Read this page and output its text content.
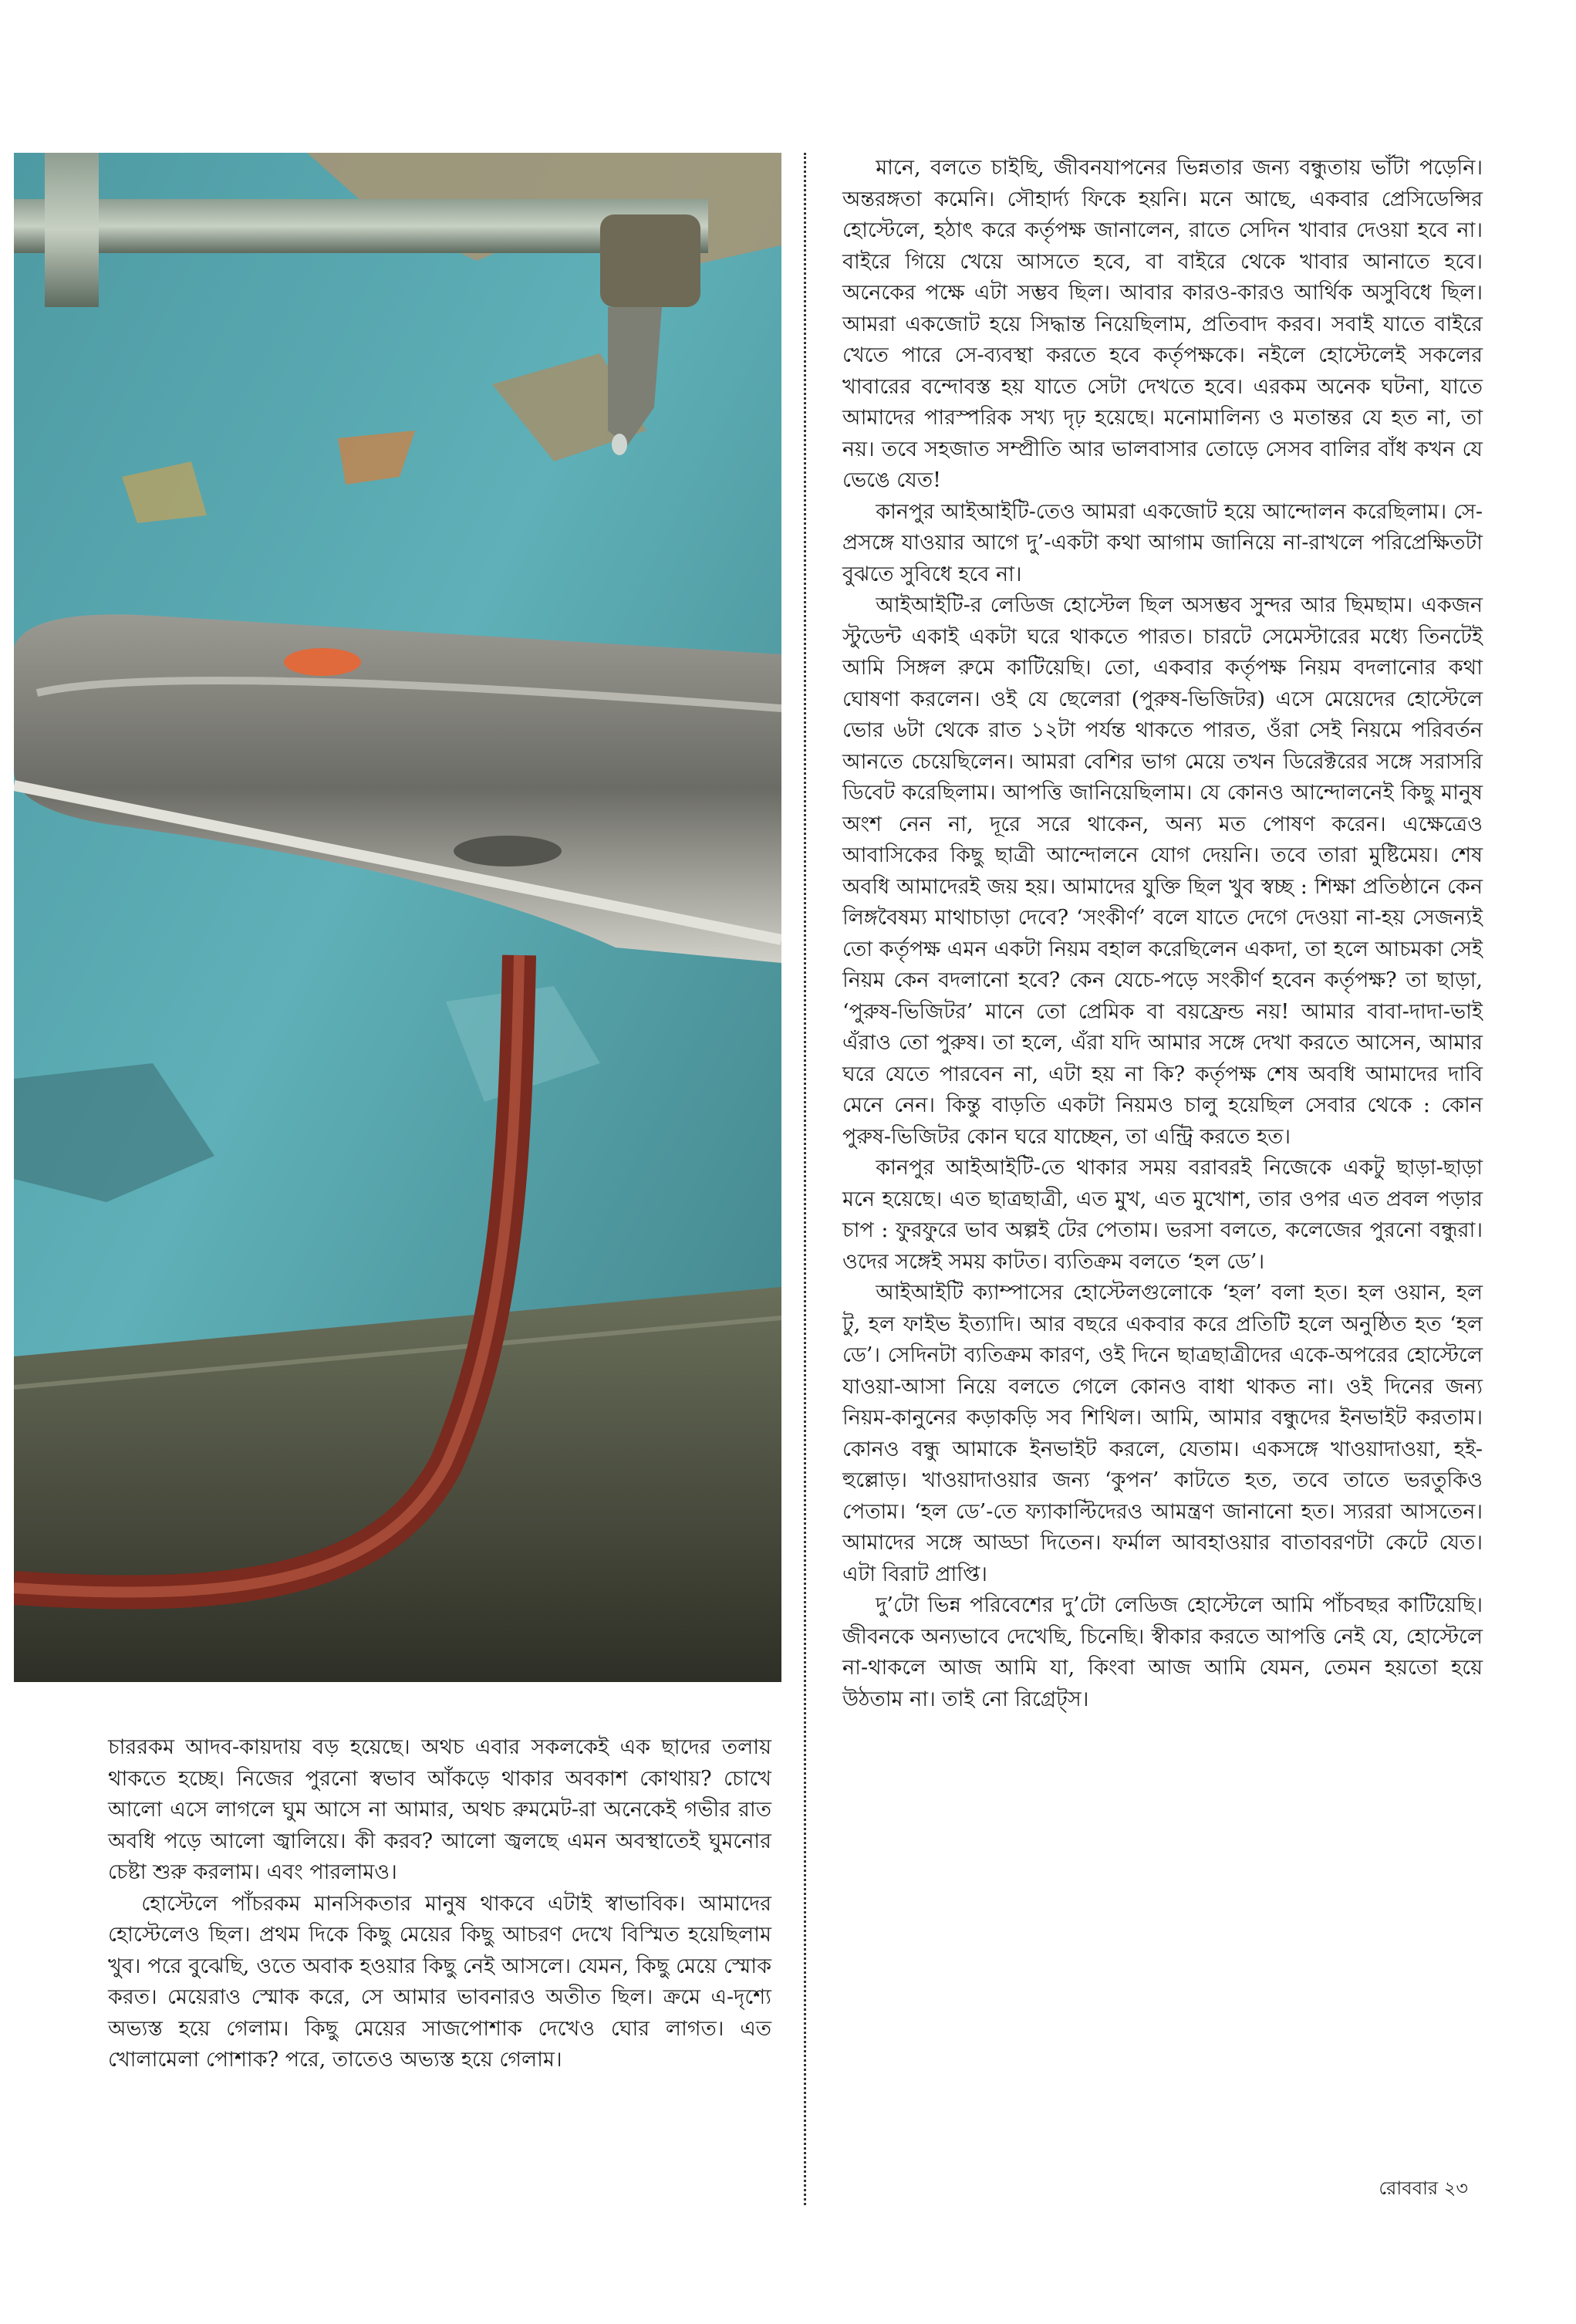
চাররকম আদব-কায়দায় বড় হয়েছে। অথচ এবার সকলকেই এক ছাদের তলায় থাকতে হচ্ছে। নিজের পুরনো স্বভাব আঁকড়ে থাকার অবকাশ কোথায়? চোখে আলো এসে লাগলে ঘুম আসে না আমার, অথচ রুমমেট-রা অনেকেই গভীর রাত অবধি পড়ে আলো জ্বালিয়ে। কী করব? আলো জ্বলছে এমন অবস্থাতেই ঘুমনোর চেষ্টা শুরু করলাম। এবং পারলামও।

হোস্টেলে পাঁচরকম মানসিকতার মানুষ থাকবে এটাই স্বাভাবিক। আমাদের হোস্টেলেও ছিল। প্রথম দিকে কিছু মেয়ের কিছু আচরণ দেখে বিস্মিত হয়েছিলাম খুব। পরে বুঝেছি, ওতে অবাক হওয়ার কিছু নেই আসলে। যেমন, কিছু মেয়ে স্মোক করত। মেয়েরাও স্মোক করে, সে আমার ভাবনারও অতীত ছিল। ক্রমে এ-দৃশ্যে অভ্যস্ত হয়ে গেলাম। কিছু মেয়ের সাজপোশাক দেখেও ঘোর লাগত। এত খোলামেলা পোশাক? পরে, তাতেও অভ্যস্ত হয়ে গেলাম।

মানে, বলতে চাইছি, জীবনযাপনের ভিন্নতার জন্য বন্ধুতায় ভাঁটা পড়েনি। অন্তরঙ্গতা কমেনি। সৌহার্দ্য ফিকে হয়নি। মনে আছে, একবার প্রেসিডেন্সির হোস্টেলে, হঠাৎ করে কর্তৃপক্ষ জানালেন, রাতে সেদিন খাবার দেওয়া হবে না। বাইরে গিয়ে খেয়ে আসতে হবে, বা বাইরে থেকে খাবার আনাতে হবে। অনেকের পক্ষে এটা সম্ভব ছিল। আবার কারও-কারও আর্থিক অসুবিধে ছিল। আমরা একজোট হয়ে সিদ্ধান্ত নিয়েছিলাম, প্রতিবাদ করব। সবাই যাতে বাইরে খেতে পারে সে-ব্যবস্থা করতে হবে কর্তৃপক্ষকে। নইলে হোস্টেলেই সকলের খাবারের বন্দোবস্ত হয় যাতে সেটা দেখতে হবে। এরকম অনেক ঘটনা, যাতে আমাদের পারস্পরিক সখ্য দৃঢ় হয়েছে। মনোমালিন্য ও মতান্তর যে হত না, তা নয়। তবে সহজাত সম্প্রীতি আর ভালবাসার তোড়ে সেসব বালির বাঁধ কখন যে ভেঙে যেত!

কানপুর আইআইটি-তেও আমরা একজোট হয়ে আন্দোলন করেছিলাম। সে-প্রসঙ্গে যাওয়ার আগে দু’-একটা কথা আগাম জানিয়ে না-রাখলে পরিপ্রেক্ষিতটা বুঝতে সুবিধে হবে না।

আইআইটি-র লেডিজ হোস্টেল ছিল অসম্ভব সুন্দর আর ছিমছাম। একজন স্টুডেন্ট একাই একটা ঘরে থাকতে পারত। চারটে সেমেস্টারের মধ্যে তিনটেই আমি সিঙ্গল রুমে কাটিয়েছি। তো, একবার কর্তৃপক্ষ নিয়ম বদলানোর কথা ঘোষণা করলেন। ওই যে ছেলেরা (পুরুষ-ভিজিটর) এসে মেয়েদের হোস্টেলে ভোর ৬টা থেকে রাত ১২টা পর্যন্ত থাকতে পারত, ওঁরা সেই নিয়মে পরিবর্তন আনতে চেয়েছিলেন। আমরা বেশির ভাগ মেয়ে তখন ডিরেক্টরের সঙ্গে সরাসরি ডিবেট করেছিলাম। আপত্তি জানিয়েছিলাম। যে কোনও আন্দোলনেই কিছু মানুষ অংশ নেন না, দূরে সরে থাকেন, অন্য মত পোষণ করেন। এক্ষেত্রেও আবাসিকের কিছু ছাত্রী আন্দোলনে যোগ দেয়নি। তবে তারা মুষ্টিমেয়। শেষ অবধি আমাদেরই জয় হয়। আমাদের যুক্তি ছিল খুব স্বচ্ছ : শিক্ষা প্রতিষ্ঠানে কেন লিঙ্গবৈষম্য মাথাচাড়া দেবে? ‘সংকীর্ণ’ বলে যাতে দেগে দেওয়া না-হয় সেজন্যই তো কর্তৃপক্ষ এমন একটা নিয়ম বহাল করেছিলেন একদা, তা হলে আচমকা সেই নিয়ম কেন বদলানো হবে? কেন যেচে-পড়ে সংকীর্ণ হবেন কর্তৃপক্ষ? তা ছাড়া, ‘পুরুষ-ভিজিটর’ মানে তো প্রেমিক বা বয়ফ্রেন্ড নয়! আমার বাবা-দাদা-ভাই এঁরাও তো পুরুষ। তা হলে, এঁরা যদি আমার সঙ্গে দেখা করতে আসেন, আমার ঘরে যেতে পারবেন না, এটা হয় না কি? কর্তৃপক্ষ শেষ অবধি আমাদের দাবি মেনে নেন। কিন্তু বাড়তি একটা নিয়মও চালু হয়েছিল সেবার থেকে : কোন পুরুষ-ভিজিটর কোন ঘরে যাচ্ছেন, তা এন্ট্রি করতে হত।

কানপুর আইআইটি-তে থাকার সময় বরাবরই নিজেকে একটু ছাড়া-ছাড়া মনে হয়েছে। এত ছাত্রছাত্রী, এত মুখ, এত মুখোশ, তার ওপর এত প্রবল পড়ার চাপ : ফুরফুরে ভাব অল্পই টের পেতাম। ভরসা বলতে, কলেজের পুরনো বন্ধুরা। ওদের সঙ্গেই সময় কাটত। ব্যতিক্রম বলতে ‘হল ডে’।

আইআইটি ক্যাম্পাসের হোস্টেলগুলোকে ‘হল’ বলা হত। হল ওয়ান, হল টু, হল ফাইভ ইত্যাদি। আর বছরে একবার করে প্রতিটি হলে অনুষ্ঠিত হত ‘হল ডে’। সেদিনটা ব্যতিক্রম কারণ, ওই দিনে ছাত্রছাত্রীদের একে-অপরের হোস্টেলে যাওয়া-আসা নিয়ে বলতে গেলে কোনও বাধা থাকত না। ওই দিনের জন্য নিয়ম-কানুনের কড়াকড়ি সব শিথিল। আমি, আমার বন্ধুদের ইনভাইট করতাম। কোনও বন্ধু আমাকে ইনভাইট করলে, যেতাম। একসঙ্গে খাওয়াদাওয়া, হই-হুল্লোড়। খাওয়াদাওয়ার জন্য ‘কুপন’ কাটতে হত, তবে তাতে ভরতুকিও পেতাম। ‘হল ডে’-তে ফ্যাকাল্টিদেরও আমন্ত্রণ জানানো হত। স্যররা আসতেন। আমাদের সঙ্গে আড্ডা দিতেন। ফর্মাল আবহাওয়ার বাতাবরণটা কেটে যেত। এটা বিরাট প্রাপ্তি।

দু’টো ভিন্ন পরিবেশের দু’টো লেডিজ হোস্টেলে আমি পাঁচবছর কাটিয়েছি। জীবনকে অন্যভাবে দেখেছি, চিনেছি। স্বীকার করতে আপত্তি নেই যে, হোস্টেলে না-থাকলে আজ আমি যা, কিংবা আজ আমি যেমন, তেমন হয়তো হয়ে উঠতাম না। তাই নো রিগ্রেট্স।

রোববার ২৩
